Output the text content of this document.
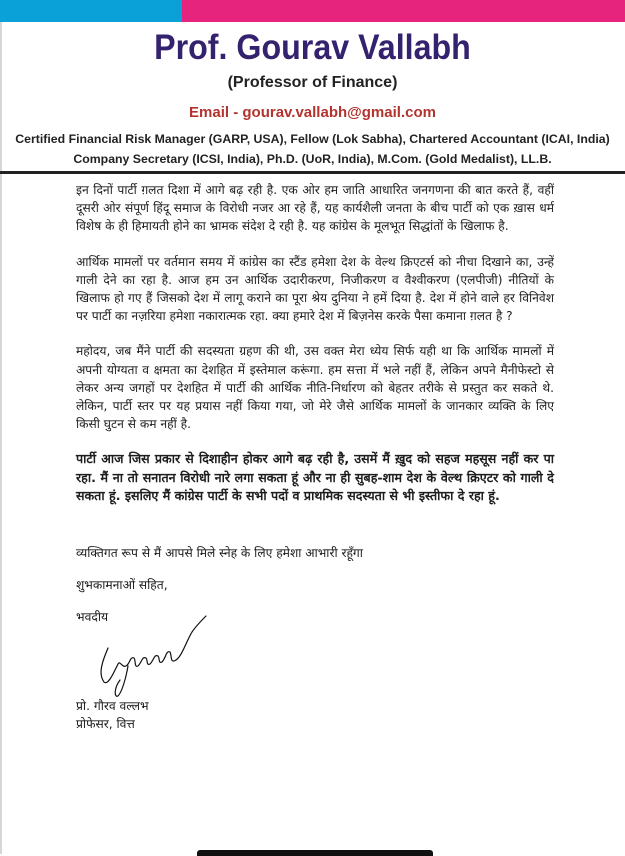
Prof. Gourav Vallabh
(Professor of Finance)
Email - gourav.vallabh@gmail.com
Certified Financial Risk Manager (GARP, USA), Fellow (Lok Sabha), Chartered Accountant (ICAI, India)
Company Secretary (ICSI, India), Ph.D. (UoR, India), M.Com. (Gold Medalist), LL.B.

इन दिनों पार्टी ग़लत दिशा में आगे बढ़ रही है. एक ओर हम जाति आधारित जनगणना की बात करते हैं, वहीं दूसरी ओर संपूर्ण हिंदू समाज के विरोधी नजर आ रहे हैं, यह कार्यशैली जनता के बीच पार्टी को एक ख़ास धर्म विशेष के ही हिमायती होने का भ्रामक संदेश दे रही है. यह कांग्रेस के मूलभूत सिद्धांतों के खिलाफ है.

आर्थिक मामलों पर वर्तमान समय में कांग्रेस का स्टैंड हमेशा देश के वेल्थ क्रिएटर्स को नीचा दिखाने का, उन्हें गाली देने का रहा है. आज हम उन आर्थिक उदारीकरण, निजीकरण व वैश्वीकरण (एलपीजी) नीतियों के खिलाफ हो गए हैं जिसको देश में लागू कराने का पूरा श्रेय दुनिया ने हमें दिया है. देश में होने वाले हर विनिवेश पर पार्टी का नज़रिया हमेशा नकारात्मक रहा. क्या हमारे देश में बिज़नेस करके पैसा कमाना ग़लत है ?

महोदय, जब मैंने पार्टी की सदस्यता ग्रहण की थी, उस वक्त मेरा ध्येय सिर्फ यही था कि आर्थिक मामलों में अपनी योग्यता व क्षमता का देशहित में इस्तेमाल करूंगा. हम सत्ता में भले नहीं हैं, लेकिन अपने मैनीफेस्टो से लेकर अन्य जगहों पर देशहित में पार्टी की आर्थिक नीति-निर्धारण को बेहतर तरीके से प्रस्तुत कर सकते थे. लेकिन, पार्टी स्तर पर यह प्रयास नहीं किया गया, जो मेरे जैसे आर्थिक मामलों के जानकार व्यक्ति के लिए किसी घुटन से कम नहीं है.

पार्टी आज जिस प्रकार से दिशाहीन होकर आगे बढ़ रही है, उसमें मैं ख़ुद को सहज महसूस नहीं कर पा रहा. मैं ना तो सनातन विरोधी नारे लगा सकता हूं और ना ही सुबह-शाम देश के वेल्थ क्रिएटर को गाली दे सकता हूं. इसलिए मैं कांग्रेस पार्टी के सभी पदों व प्राथमिक सदस्यता से भी इस्तीफा दे रहा हूं.

व्यक्तिगत रूप से मैं आपसे मिले स्नेह के लिए हमेशा आभारी रहूँगा
शुभकामनाओं सहित,
भवदीय
प्रो. गौरव वल्लभ
प्रोफेसर, वित्त
